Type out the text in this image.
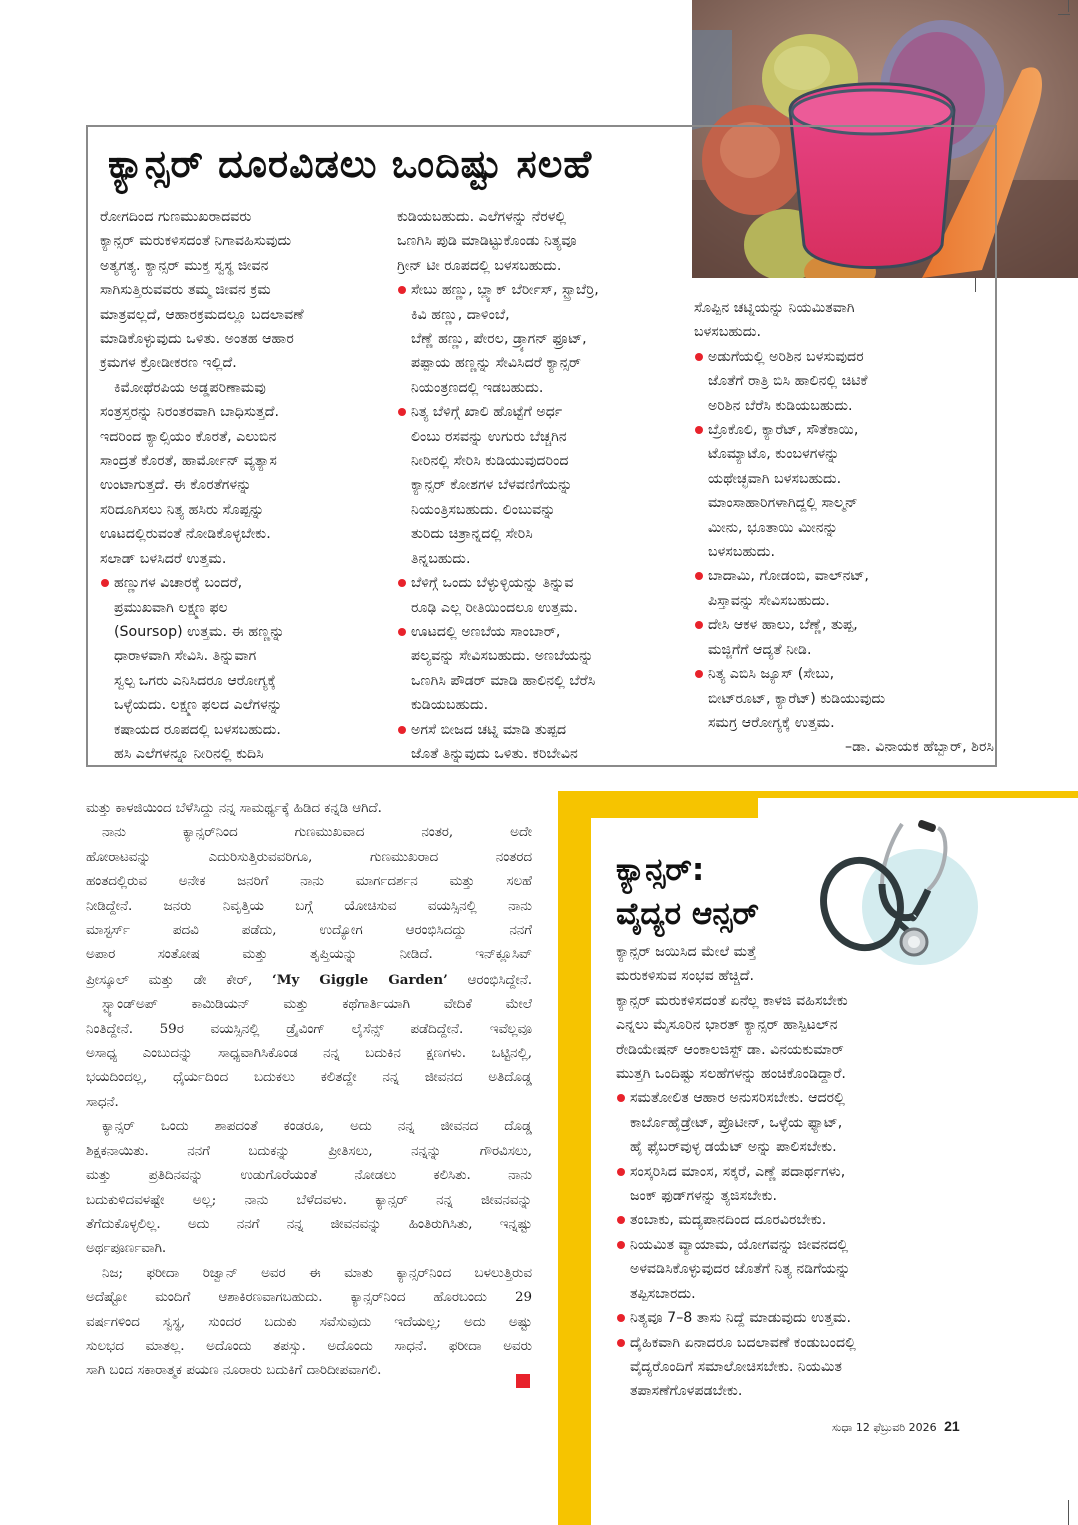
ಕ್ಯಾನ್ಸರ್ ದೂರವಿಡಲು ಒಂದಿಷ್ಟು ಸಲಹೆ

ರೋಗದಿಂದ ಗುಣಮುಖರಾದವರು

ಕ್ಯಾನ್ಸರ್ ಮರುಕಳಿಸದಂತೆ ನಿಗಾವಹಿಸುವುದು

ಅತ್ಯಗತ್ಯ. ಕ್ಯಾನ್ಸರ್ ಮುಕ್ತ ಸ್ವಸ್ಥ ಜೀವನ

ಸಾಗಿಸುತ್ತಿರುವವರು ತಮ್ಮ ಜೀವನ ಕ್ರಮ

ಮಾತ್ರವಲ್ಲದೆ, ಆಹಾರಕ್ರಮದಲ್ಲೂ ಬದಲಾವಣೆ

ಮಾಡಿಕೊಳ್ಳುವುದು ಒಳಿತು. ಅಂತಹ ಆಹಾರ

ಕ್ರಮಗಳ ಕ್ರೋಡೀಕರಣ ಇಲ್ಲಿದೆ.

ಕಿಮೋಥೆರಪಿಯ ಅಡ್ಡಪರಿಣಾಮವು

ಸಂತ್ರಸ್ತರನ್ನು ನಿರಂತರವಾಗಿ ಬಾಧಿಸುತ್ತದೆ.

ಇದರಿಂದ ಕ್ಯಾಲ್ಸಿಯಂ ಕೊರತೆ, ಎಲುಬಿನ

ಸಾಂದ್ರತೆ ಕೊರತೆ, ಹಾರ್ಮೋನ್ ವ್ಯತ್ಯಾಸ

ಉಂಟಾಗುತ್ತದೆ. ಈ ಕೊರತೆಗಳನ್ನು

ಸರಿದೂಗಿಸಲು ನಿತ್ಯ ಹಸಿರು ಸೊಪ್ಪನ್ನು

ಊಟದಲ್ಲಿರುವಂತೆ ನೋಡಿಕೊಳ್ಳಬೇಕು.

ಸಲಾಡ್ ಬಳಸಿದರೆ ಉತ್ತಮ.

ಹಣ್ಣುಗಳ ವಿಚಾರಕ್ಕೆ ಬಂದರೆ,

ಪ್ರಮುಖವಾಗಿ ಲಕ್ಷ್ಮಣ ಫಲ

(Soursop) ಉತ್ತಮ. ಈ ಹಣ್ಣನ್ನು

ಧಾರಾಳವಾಗಿ ಸೇವಿಸಿ. ತಿನ್ನುವಾಗ

ಸ್ವಲ್ಪ ಒಗರು ಎನಿಸಿದರೂ ಆರೋಗ್ಯಕ್ಕೆ

ಒಳ್ಳೆಯದು. ಲಕ್ಷ್ಮಣ ಫಲದ ಎಲೆಗಳನ್ನು

ಕಷಾಯದ ರೂಪದಲ್ಲಿ ಬಳಸಬಹುದು.

ಹಸಿ ಎಲೆಗಳನ್ನೂ ನೀರಿನಲ್ಲಿ ಕುದಿಸಿ

ಕುಡಿಯಬಹುದು. ಎಲೆಗಳನ್ನು ನೆರಳಲ್ಲಿ

ಒಣಗಿಸಿ ಪುಡಿ ಮಾಡಿಟ್ಟುಕೊಂಡು ನಿತ್ಯವೂ

ಗ್ರೀನ್ ಟೀ ರೂಪದಲ್ಲಿ ಬಳಸಬಹುದು.

ಸೇಬು ಹಣ್ಣು, ಬ್ಲ್ಯಾಕ್ ಬೆರ್ರೀಸ್, ಸ್ಟ್ರಾಬೆರ್ರಿ,

ಕಿವಿ ಹಣ್ಣು, ದಾಳಿಂಬೆ,

ಬೆಣ್ಣೆ ಹಣ್ಣು, ಪೇರಲ, ಡ್ರ್ಯಾಗನ್ ಫ್ರೂಟ್,

ಪಪ್ಪಾಯ ಹಣ್ಣನ್ನು ಸೇವಿಸಿದರೆ ಕ್ಯಾನ್ಸರ್

ನಿಯಂತ್ರಣದಲ್ಲಿ ಇಡಬಹುದು.

ನಿತ್ಯ ಬೆಳಿಗ್ಗೆ ಖಾಲಿ ಹೊಟ್ಟೆಗೆ ಅರ್ಧ

ಲಿಂಬು ರಸವನ್ನು ಉಗುರು ಬೆಚ್ಚಗಿನ

ನೀರಿನಲ್ಲಿ ಸೇರಿಸಿ ಕುಡಿಯುವುದರಿಂದ

ಕ್ಯಾನ್ಸರ್ ಕೋಶಗಳ ಬೆಳವಣಿಗೆಯನ್ನು

ನಿಯಂತ್ರಿಸಬಹುದು. ಲಿಂಬುವನ್ನು

ತುರಿದು ಚಿತ್ರಾನ್ನದಲ್ಲಿ ಸೇರಿಸಿ

ತಿನ್ನಬಹುದು.

ಬೆಳಿಗ್ಗೆ ಒಂದು ಬೆಳ್ಳುಳ್ಳಿಯನ್ನು ತಿನ್ನುವ

ರೂಢಿ ಎಲ್ಲ ರೀತಿಯಿಂದಲೂ ಉತ್ತಮ.

ಊಟದಲ್ಲಿ ಅಣಬೆಯ ಸಾಂಬಾರ್,

ಪಲ್ಯವನ್ನು ಸೇವಿಸಬಹುದು. ಅಣಬೆಯನ್ನು

ಒಣಗಿಸಿ ಪೌಡರ್ ಮಾಡಿ ಹಾಲಿನಲ್ಲಿ ಬೆರೆಸಿ

ಕುಡಿಯಬಹುದು.

ಅಗಸೆ ಬೀಜದ ಚಟ್ನಿ ಮಾಡಿ ತುಪ್ಪದ

ಜೊತೆ ತಿನ್ನುವುದು ಒಳಿತು. ಕರಿಬೇವಿನ

ಸೊಪ್ಪಿನ ಚಟ್ನಿಯನ್ನು ನಿಯಮಿತವಾಗಿ

ಬಳಸಬಹುದು.

ಅಡುಗೆಯಲ್ಲಿ ಅರಿಶಿನ ಬಳಸುವುದರ

ಜೊತೆಗೆ ರಾತ್ರಿ ಬಿಸಿ ಹಾಲಿನಲ್ಲಿ ಚಿಟಿಕೆ

ಅರಿಶಿನ ಬೆರೆಸಿ ಕುಡಿಯಬಹುದು.

ಬ್ರೊಕೊಲಿ, ಕ್ಯಾರೆಟ್, ಸೌತೆಕಾಯಿ,

ಟೊಮ್ಯಾಟೊ, ಕುಂಬಳಗಳನ್ನು

ಯಥೇಚ್ಛವಾಗಿ ಬಳಸಬಹುದು.

ಮಾಂಸಾಹಾರಿಗಳಾಗಿದ್ದಲ್ಲಿ ಸಾಲ್ಮನ್

ಮೀನು, ಭೂತಾಯಿ ಮೀನನ್ನು

ಬಳಸಬಹುದು.

ಬಾದಾಮಿ, ಗೋಡಂಬಿ, ವಾಲ್‌ನಟ್,

ಪಿಸ್ತಾವನ್ನು ಸೇವಿಸಬಹುದು.

ದೇಸಿ ಆಕಳ ಹಾಲು, ಬೆಣ್ಣೆ, ತುಪ್ಪ,

ಮಜ್ಜಿಗೆಗೆ ಆದ್ಯತೆ ನೀಡಿ.

ನಿತ್ಯ ಎಬಿಸಿ ಜ್ಯೂಸ್ (ಸೇಬು,

ಬೀಟ್‌ರೂಟ್, ಕ್ಯಾರೆಟ್) ಕುಡಿಯುವುದು

ಸಮಗ್ರ ಆರೋಗ್ಯಕ್ಕೆ ಉತ್ತಮ.

–ಡಾ. ವಿನಾಯಕ ಹೆಬ್ಬಾರ್, ಶಿರಸಿ

ಮತ್ತು ಕಾಳಜಿಯಿಂದ ಬೆಳೆಸಿದ್ದು ನನ್ನ ಸಾಮರ್ಥ್ಯಕ್ಕೆ ಹಿಡಿದ ಕನ್ನಡಿ ಆಗಿದೆ.

ನಾನು ಕ್ಯಾನ್ಸರ್‌ನಿಂದ ಗುಣಮುಖವಾದ ನಂತರ, ಅದೇ

ಹೋರಾಟವನ್ನು ಎದುರಿಸುತ್ತಿರುವವರಿಗೂ, ಗುಣಮುಖರಾದ ನಂತರದ

ಹಂತದಲ್ಲಿರುವ ಅನೇಕ ಜನರಿಗೆ ನಾನು ಮಾರ್ಗದರ್ಶನ ಮತ್ತು ಸಲಹೆ

ನೀಡಿದ್ದೇನೆ. ಜನರು ನಿವೃತ್ತಿಯ ಬಗ್ಗೆ ಯೋಚಿಸುವ ವಯಸ್ಸಿನಲ್ಲಿ ನಾನು

ಮಾಸ್ಟರ್ಸ್ ಪದವಿ ಪಡೆದು, ಉದ್ಯೋಗ ಆರಂಭಿಸಿದದ್ದು ನನಗೆ

ಅಪಾರ ಸಂತೋಷ ಮತ್ತು ತೃಪ್ತಿಯನ್ನು ನೀಡಿದೆ. ಇನ್‌ಕ್ಲೂಸಿವ್

ಪ್ರೀಸ್ಕೂಲ್ ಮತ್ತು ಡೇ ಕೇರ್, ‘My Giggle Garden’ ಆರಂಭಿಸಿದ್ದೇನೆ.

ಸ್ಟ್ಯಾಂಡ್‌ಅಪ್ ಕಾಮಿಡಿಯನ್ ಮತ್ತು ಕಥೆಗಾರ್ತಿಯಾಗಿ ವೇದಿಕೆ ಮೇಲೆ

ನಿಂತಿದ್ದೇನೆ. 59ರ ವಯಸ್ಸಿನಲ್ಲಿ ಡ್ರೈವಿಂಗ್ ಲೈಸೆನ್ಸ್ ಪಡೆದಿದ್ದೇನೆ. ಇವೆಲ್ಲವೂ

ಅಸಾಧ್ಯ ಎಂಬುದನ್ನು ಸಾಧ್ಯವಾಗಿಸಿಕೊಂಡ ನನ್ನ ಬದುಕಿನ ಕ್ಷಣಗಳು. ಒಟ್ಟಿನಲ್ಲಿ,

ಭಯದಿಂದಲ್ಲ, ಧೈರ್ಯದಿಂದ ಬದುಕಲು ಕಲಿತದ್ದೇ ನನ್ನ ಜೀವನದ ಅತಿದೊಡ್ಡ

ಸಾಧನೆ.

ಕ್ಯಾನ್ಸರ್ ಒಂದು ಶಾಪದಂತೆ ಕಂಡರೂ, ಅದು ನನ್ನ ಜೀವನದ ದೊಡ್ಡ

ಶಿಕ್ಷಕನಾಯಿತು. ನನಗೆ ಬದುಕನ್ನು ಪ್ರೀತಿಸಲು, ನನ್ನನ್ನು ಗೌರವಿಸಲು,

ಮತ್ತು ಪ್ರತಿದಿನವನ್ನು ಉಡುಗೊರೆಯಂತೆ ನೋಡಲು ಕಲಿಸಿತು. ನಾನು

ಬದುಕುಳಿದವಳಷ್ಟೇ ಅಲ್ಲ; ನಾನು ಬೆಳೆದವಳು. ಕ್ಯಾನ್ಸರ್ ನನ್ನ ಜೀವನವನ್ನು

ತೆಗೆದುಕೊಳ್ಳಲಿಲ್ಲ. ಅದು ನನಗೆ ನನ್ನ ಜೀವನವನ್ನು ಹಿಂತಿರುಗಿಸಿತು, ಇನ್ನಷ್ಟು

ಅರ್ಥಪೂರ್ಣವಾಗಿ.

ನಿಜ; ಫರೀದಾ ರಿಜ್ವಾನ್ ಅವರ ಈ ಮಾತು ಕ್ಯಾನ್ಸರ್‌ನಿಂದ ಬಳಲುತ್ತಿರುವ

ಅದೆಷ್ಟೋ ಮಂದಿಗೆ ಆಶಾಕಿರಣವಾಗಬಹುದು. ಕ್ಯಾನ್ಸರ್‌ನಿಂದ ಹೊರಬಂದು 29

ವರ್ಷಗಳಿಂದ ಸ್ವಸ್ಥ, ಸುಂದರ ಬದುಕು ಸವೆಸುವುದು ಇದೆಯಲ್ಲ; ಅದು ಅಷ್ಟು

ಸುಲಭದ ಮಾತಲ್ಲ. ಅದೊಂದು ತಪಸ್ಸು. ಅದೊಂದು ಸಾಧನೆ. ಫರೀದಾ ಅವರು

ಸಾಗಿ ಬಂದ ಸಕಾರಾತ್ಮಕ ಪಯಣ ನೂರಾರು ಬದುಕಿಗೆ ದಾರಿದೀಪವಾಗಲಿ.

ಕ್ಯಾನ್ಸರ್:
ವೈದ್ಯರ ಆನ್ಸರ್

ಕ್ಯಾನ್ಸರ್ ಜಯಿಸಿದ ಮೇಲೆ ಮತ್ತೆ

ಮರುಕಳಿಸುವ ಸಂಭವ ಹೆಚ್ಚಿದೆ.

ಕ್ಯಾನ್ಸರ್ ಮರುಕಳಿಸದಂತೆ ಏನೆಲ್ಲ ಕಾಳಜಿ ವಹಿಸಬೇಕು

ಎನ್ನಲು ಮೈಸೂರಿನ ಭಾರತ್ ಕ್ಯಾನ್ಸರ್ ಹಾಸ್ಪಿಟಲ್‌ನ

ರೇಡಿಯೇಷನ್ ಆಂಕಾಲಜಿಸ್ಟ್ ಡಾ. ವಿನಯಕುಮಾರ್

ಮುತ್ತಗಿ ಒಂದಿಷ್ಟು ಸಲಹೆಗಳನ್ನು ಹಂಚಿಕೊಂಡಿದ್ದಾರೆ.

ಸಮತೋಲಿತ ಆಹಾರ ಅನುಸರಿಸಬೇಕು. ಆದರಲ್ಲಿ

ಕಾರ್ಬೊಹೈಡ್ರೇಟ್, ಪ್ರೊಟೀನ್, ಒಳ್ಳೆಯ ಫ್ಯಾಟ್,

ಹೈ ಫೈಬರ್‌ವುಳ್ಳ ಡಯೆಟ್ ಅನ್ನು ಪಾಲಿಸಬೇಕು.

ಸಂಸ್ಕರಿಸಿದ ಮಾಂಸ, ಸಕ್ಕರೆ, ಎಣ್ಣೆ ಪದಾರ್ಥಗಳು,

ಜಂಕ್ ಫುಡ್‌ಗಳನ್ನು ತ್ಯಜಿಸಬೇಕು.

ತಂಬಾಕು, ಮದ್ಯಪಾನದಿಂದ ದೂರವಿರಬೇಕು.

ನಿಯಮಿತ ವ್ಯಾಯಾಮ, ಯೋಗವನ್ನು ಜೀವನದಲ್ಲಿ

ಅಳವಡಿಸಿಕೊಳ್ಳುವುದರ ಜೊತೆಗೆ ನಿತ್ಯ ನಡಿಗೆಯನ್ನು

ತಪ್ಪಿಸಬಾರದು.

ನಿತ್ಯವೂ 7–8 ತಾಸು ನಿದ್ದೆ ಮಾಡುವುದು ಉತ್ತಮ.

ದೈಹಿಕವಾಗಿ ಏನಾದರೂ ಬದಲಾವಣೆ ಕಂಡುಬಂದಲ್ಲಿ

ವೈದ್ಯರೊಂದಿಗೆ ಸಮಾಲೋಚಿಸಬೇಕು. ನಿಯಮಿತ

ತಪಾಸಣೆಗೊಳಪಡಬೇಕು.

ಸುಧಾ 12 ಫೆಬ್ರುವರಿ 2026 21
